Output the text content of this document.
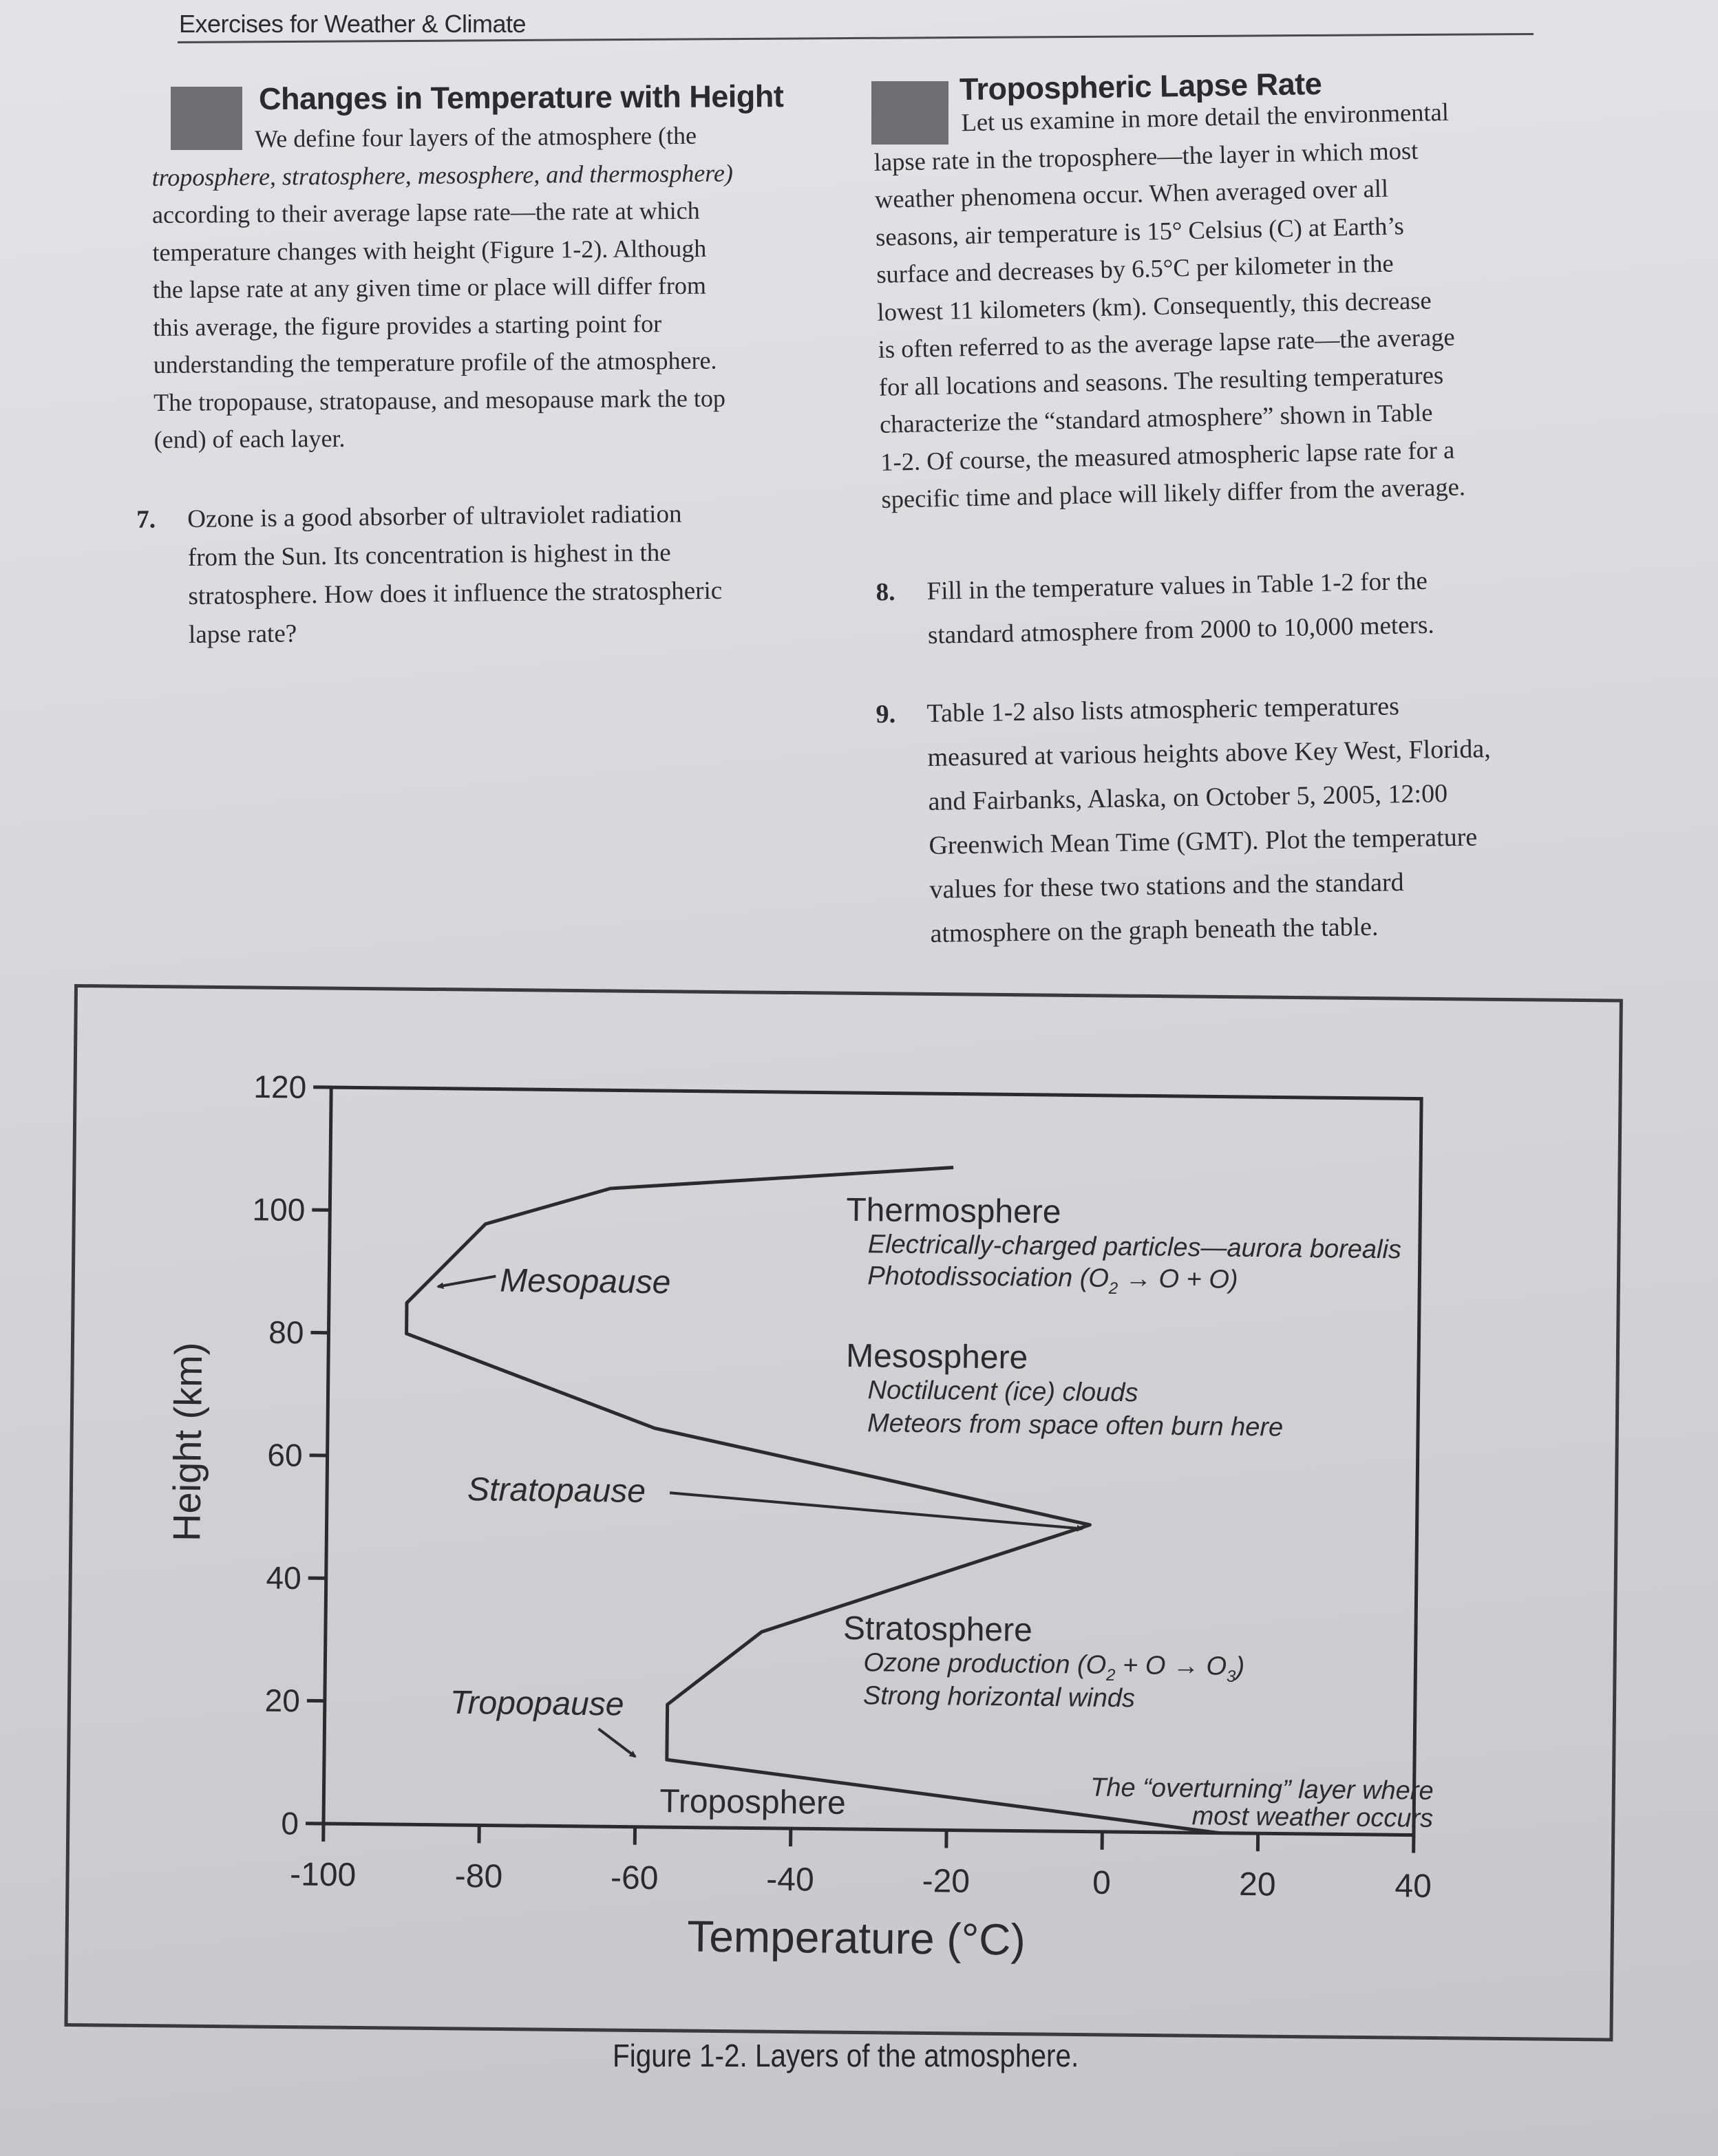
Exercises for Weather & Climate
Changes in Temperature with Height

We define four layers of the atmosphere (the

troposphere, stratosphere, mesosphere, and thermosphere)

according to their average lapse rate—the rate at which

temperature changes with height (Figure 1-2). Although

the lapse rate at any given time or place will differ from

this average, the figure provides a starting point for

understanding the temperature profile of the atmosphere.

The tropopause, stratopause, and mesopause mark the top

(end) of each layer.

7. Ozone is a good absorber of ultraviolet radiation
from the Sun. Its concentration is highest in the
stratosphere. How does it influence the stratospheric
lapse rate?
Tropospheric Lapse Rate

Let us examine in more detail the environmental

lapse rate in the troposphere—the layer in which most

weather phenomena occur. When averaged over all

seasons, air temperature is 15° Celsius (C) at Earth’s

surface and decreases by 6.5°C per kilometer in the

lowest 11 kilometers (km). Consequently, this decrease

is often referred to as the average lapse rate—the average

for all locations and seasons. The resulting temperatures

characterize the “standard atmosphere” shown in Table

1-2. Of course, the measured atmospheric lapse rate for a

specific time and place will likely differ from the average.

8. Fill in the temperature values in Table 1-2 for the
standard atmosphere from 2000 to 10,000 meters.
9. Table 1-2 also lists atmospheric temperatures
measured at various heights above Key West, Florida,
and Fairbanks, Alaska, on October 5, 2005, 12:00
Greenwich Mean Time (GMT). Plot the temperature
values for these two stations and the standard
atmosphere on the graph beneath the table.
-100	-80	-60	-40	-20	0	20	40
0
20
40
60
80
100
120
Temperature (°C)
Height (km)
Mesopause
Stratopause
Tropopause
Thermosphere
Electrically-charged particles—aurora borealis
Photodissociation $(O_2 \to O + O)$
Mesosphere
Noctilucent (ice) clouds
Meteors from space often burn here
Stratosphere
Ozone production $(O_2 + O \to O_3)$
Strong horizontal winds
Troposphere	The “overturning” layer where
most weather occurs
Figure 1-2. Layers of the atmosphere.
